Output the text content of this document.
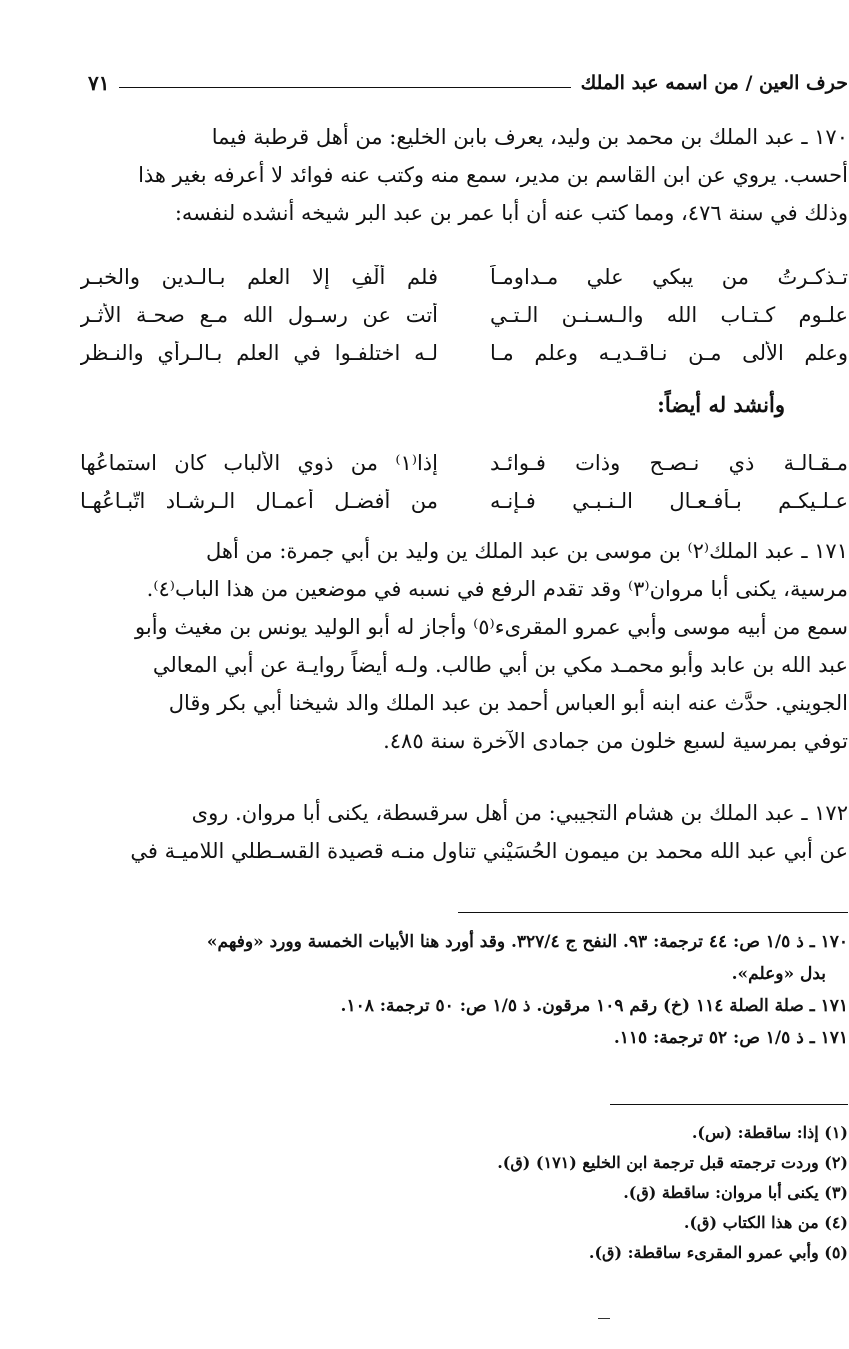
حرف العين / من اسمه عبد الملك
٧١

١٧٠ ـ عبد الملك بن محمد بن وليد، يعرف بابن الخليع: من أهل قرطبة فيما

أحسب. يروي عن ابن القاسم بن مدير، سمع منه وكتب عنه فوائد لا أعرفه بغير هذا

وذلك في سنة ٤٧٦، ومما كتب عنه أن أبا عمر بن عبد البر شيخه أنشده لنفسه:

تـذكـرتُ من يبكي علي مـداومـاً
فلم أُلْفِ إلا العلم بـالـدين والخبـر
علـوم كـتـاب الله والـسـنـن الـتـي
أتت عن رسـول الله مـع صحـة الأثـر
وعلم الألى مـن نـاقـديـه وعلم مـا
لـه اختلفـوا في العلم بـالـرأي والنـظر
وأنشد له أيضاً:
مـقـالـة ذي نـصـح وذات فـوائـد
إذا⁽١⁾ من ذوي الألباب كان استماعُها
عـلـيكـم بـأفـعـال الـنـبـي فـإنـه
من أفضـل أعمـال الـرشـاد اتّبـاعُهـا

١٧١ ـ عبد الملك⁽٢⁾ بن موسى بن عبد الملك ين وليد بن أبي جمرة: من أهل

مرسية، يكنى أبا مروان⁽٣⁾ وقد تقدم الرفع في نسبه في موضعين من هذا الباب⁽٤⁾.

سمع من أبيه موسى وأبي عمرو المقرىء⁽٥⁾ وأجاز له أبو الوليد يونس بن مغيث وأبو

عبد الله بن عابد وأبو محمـد مكي بن أبي طالب. ولـه أيضاً روايـة عن أبي المعالي

الجويني. حدَّث عنه ابنه أبو العباس أحمد بن عبد الملك والد شيخنا أبي بكر وقال

توفي بمرسية لسبع خلون من جمادى الآخرة سنة ٤٨٥.

١٧٢ ـ عبد الملك بن هشام التجيبي: من أهل سرقسطة، يكنى أبا مروان. روى

عن أبي عبد الله محمد بن ميمون الحُسَيْني تناول منـه قصيدة القسـطلي اللاميـة في

١٧٠ ـ ذ ١/٥ ص: ٤٤ ترجمة: ٩٣. النفح ج ٣٢٧/٤. وقد أورد هنا الأبيات الخمسة وورد «وفهم»

بدل «وعلم».

١٧١ ـ صلة الصلة ١١٤ (خ) رقم ١٠٩ مرقون. ذ ١/٥ ص: ٥٠ ترجمة: ١٠٨.

١٧١ ـ ذ ١/٥ ص: ٥٢ ترجمة: ١١٥.

(١) إذا: ساقطة: (س).

(٢) وردت ترجمته قبل ترجمة ابن الخليع (١٧١) (ق).

(٣) يكنى أبا مروان: ساقطة (ق).

(٤) من هذا الكتاب (ق).

(٥) وأبي عمرو المقرىء ساقطة: (ق).
